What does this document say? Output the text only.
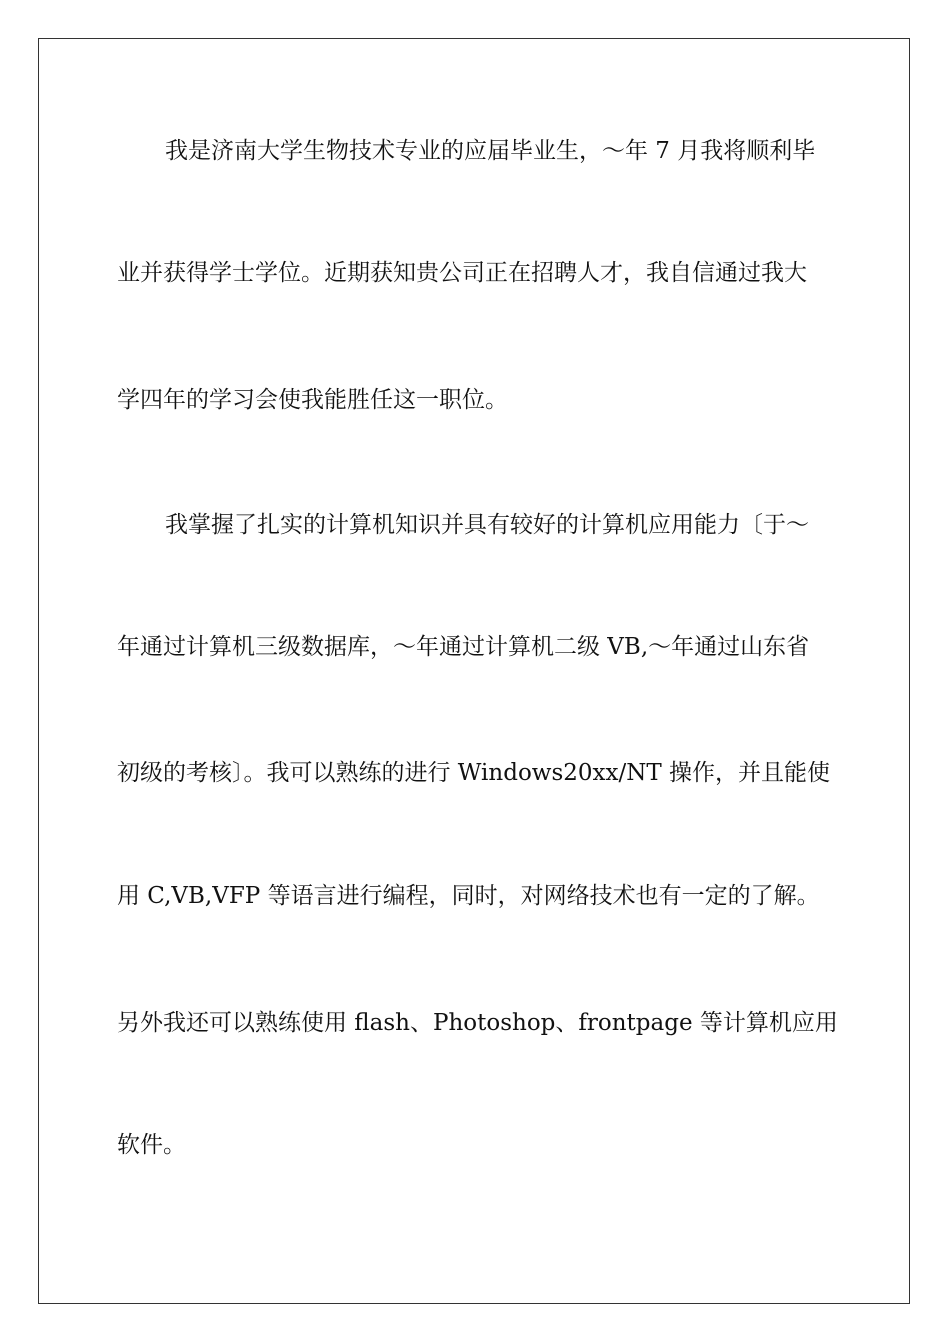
我是济南大学生物技术专业的应届毕业生，～年 7 月我将顺利毕
业并获得学士学位。近期获知贵公司正在招聘人才，我自信通过我大
学四年的学习会使我能胜任这一职位。
我掌握了扎实的计算机知识并具有较好的计算机应用能力〔于～
年通过计算机三级数据库，～年通过计算机二级 VB,～年通过山东省
初级的考核〕。我可以熟练的进行 Windows20xx/NT 操作，并且能使
用 C,VB,VFP 等语言进行编程，同时，对网络技术也有一定的了解。
另外我还可以熟练使用 flash、Photoshop、frontpage 等计算机应用
软件。
